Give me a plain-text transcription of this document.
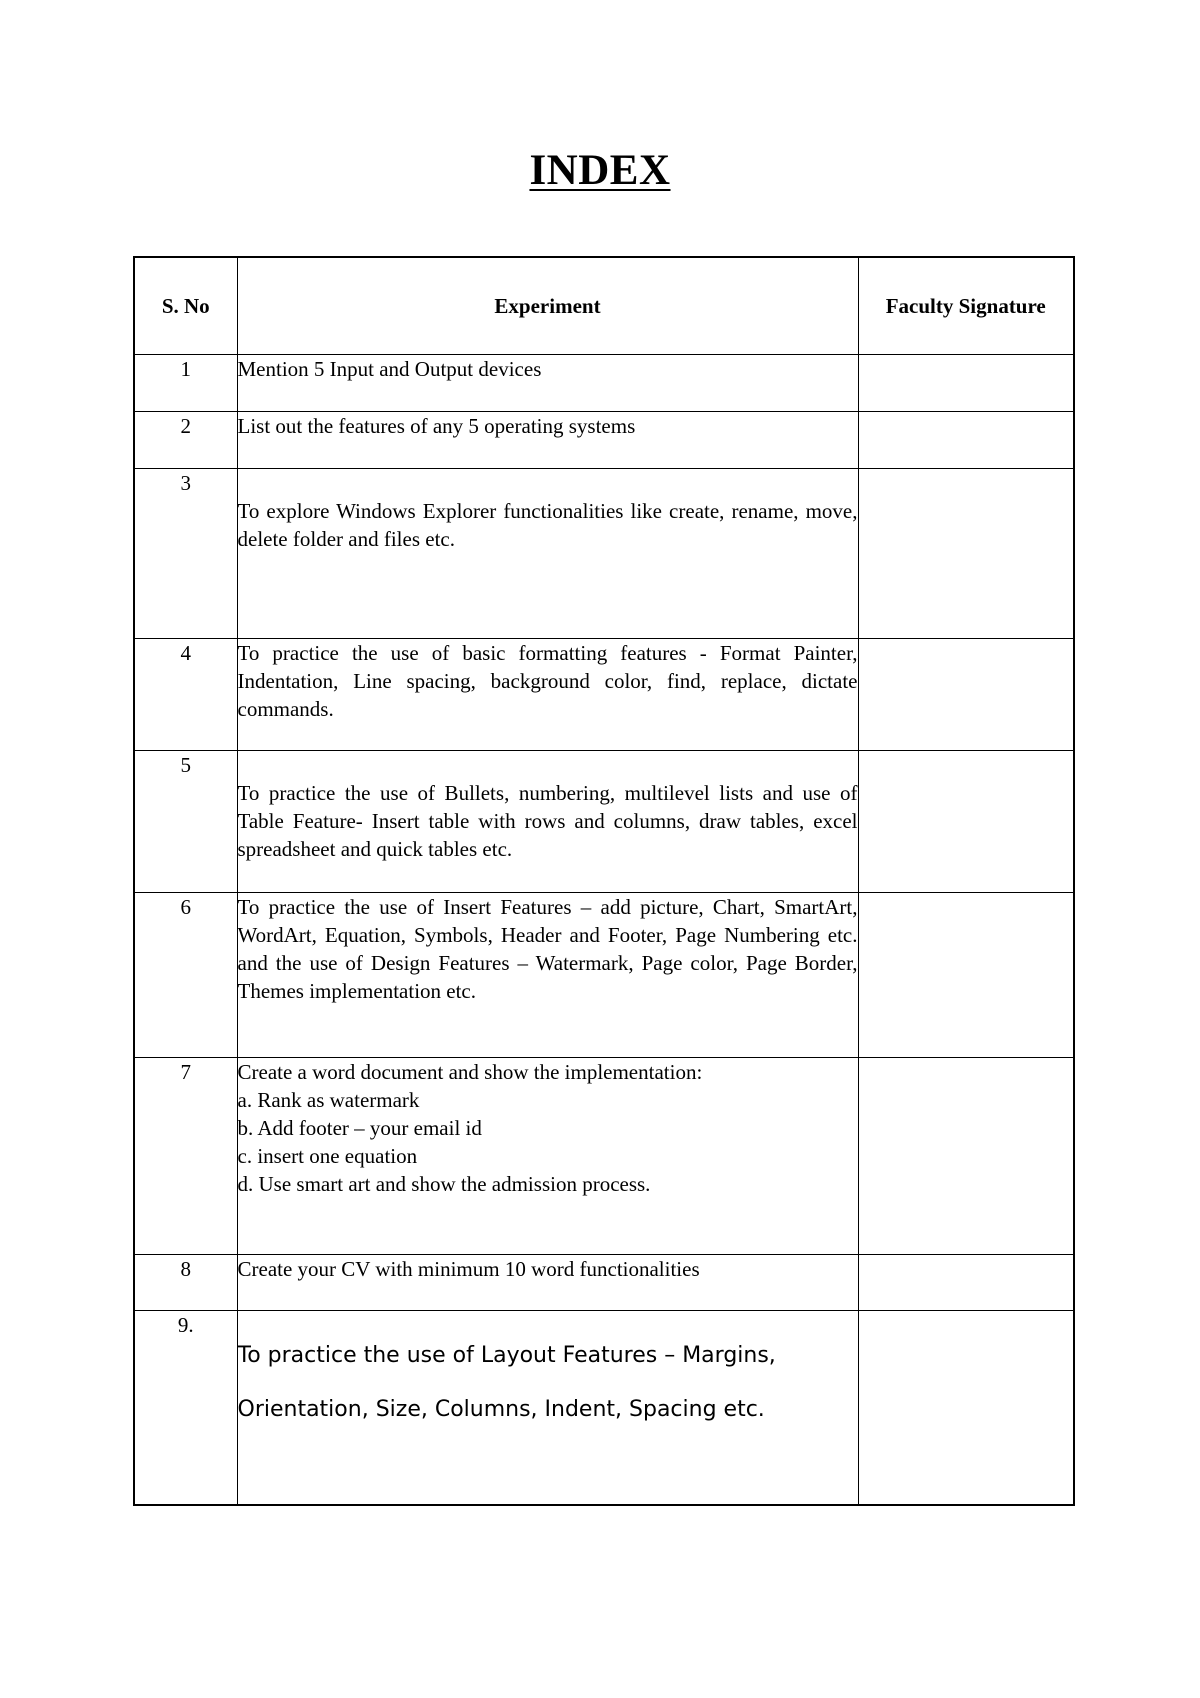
INDEX
S. No	Experiment	Faculty Signature
1	Mention 5 Input and Output devices	
2	List out the features of any 5 operating systems	
3	To explore Windows Explorer functionalities like create, rename, move, delete folder and files etc.	

4	To practice the use of basic formatting features - Format Painter, Indentation, Line spacing, background color, find, replace, dictate commands.	
5	To practice the use of Bullets, numbering, multilevel lists and use of Table Feature- Insert table with rows and columns, draw tables, excel spreadsheet and quick tables etc.	

6	To practice the use of Insert Features – add picture, Chart, SmartArt, WordArt, Equation, Symbols, Header and Footer, Page Numbering etc. and the use of Design Features – Watermark, Page color, Page Border, Themes implementation etc.	
7	Create a word document and show the implementation:
a. Rank as watermark
b. Add footer – your email id
c. insert one equation
d. Use smart art and show the admission process.	

8	Create your CV with minimum 10 word functionalities	
9.	To practice the use of Layout Features – Margins, Orientation, Size, Columns, Indent, Spacing etc.	
